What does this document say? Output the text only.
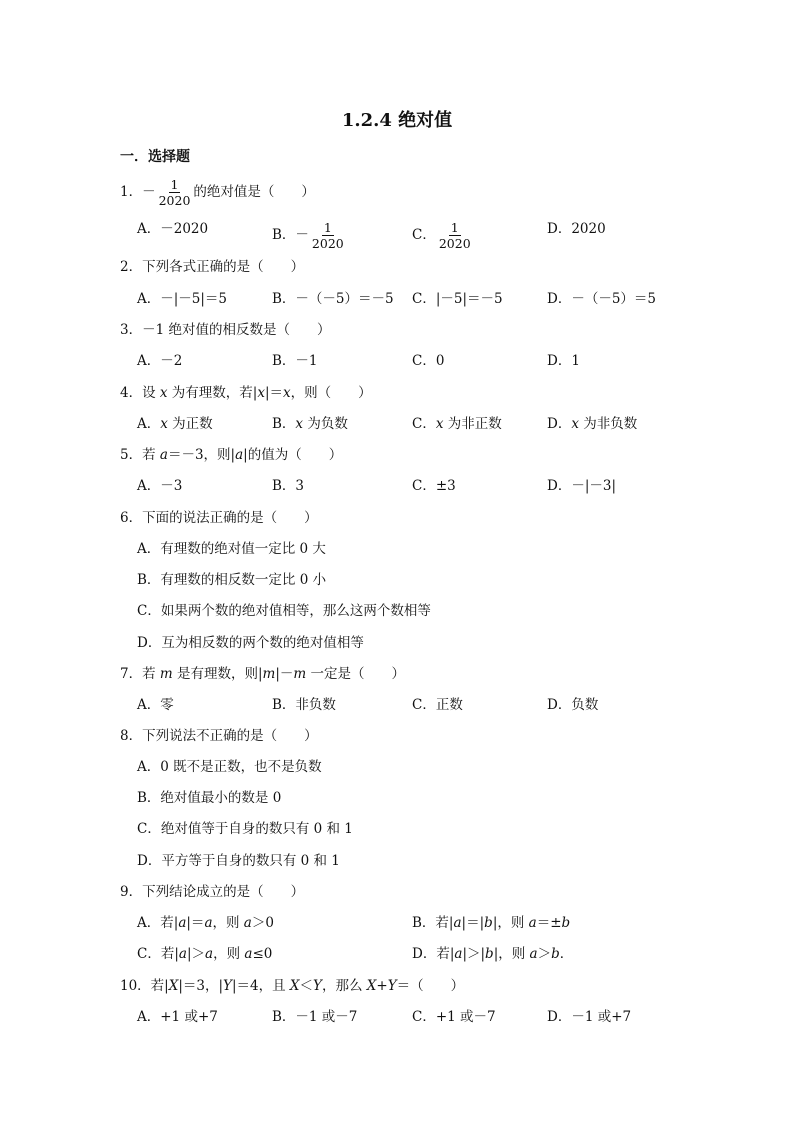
1.2.4 绝对值
一．选择题
1．－ $\frac{1}{2020}$ 的绝对值是（　　）
A．－2020	B．－ $\frac{1}{2020}$	C． $\frac{1}{2020}$	D．2020
2．下列各式正确的是（　　）
A．－|－5|＝5	B．－（－5）＝－5 C．|－5|＝－5	D．－（－5）＝5
3．－1 绝对值的相反数是（　　）
A．－2	B．－1	C．0	D．1
4．设 x 为有理数，若|x|＝x，则（　　）
A．x 为正数	B．x 为负数	C．x 为非正数	D．x 为非负数
5．若 a＝－3，则|a|的值为（　　）
A．－3	B．3	C．±3	D．－|－3|
6．下面的说法正确的是（　　）
A．有理数的绝对值一定比 0 大
B．有理数的相反数一定比 0 小
C．如果两个数的绝对值相等，那么这两个数相等
D．互为相反数的两个数的绝对值相等
7．若 m 是有理数，则|m|－m 一定是（　　）
A．零	B．非负数	C．正数	D．负数
8．下列说法不正确的是（　　）
A．0 既不是正数，也不是负数
B．绝对值最小的数是 0
C．绝对值等于自身的数只有 0 和 1
D．平方等于自身的数只有 0 和 1
9．下列结论成立的是（　　）
A．若|a|＝a，则 a＞0	B．若|a|＝|b|，则 a＝±b
C．若|a|＞a，则 a≤0	D．若|a|＞|b|，则 a＞b．
10．若|X|＝3，|Y|＝4，且 X＜Y，那么 X+Y＝（　　）
A．+1 或+7	B．－1 或－7	C．+1 或－7	D．－1 或+7
